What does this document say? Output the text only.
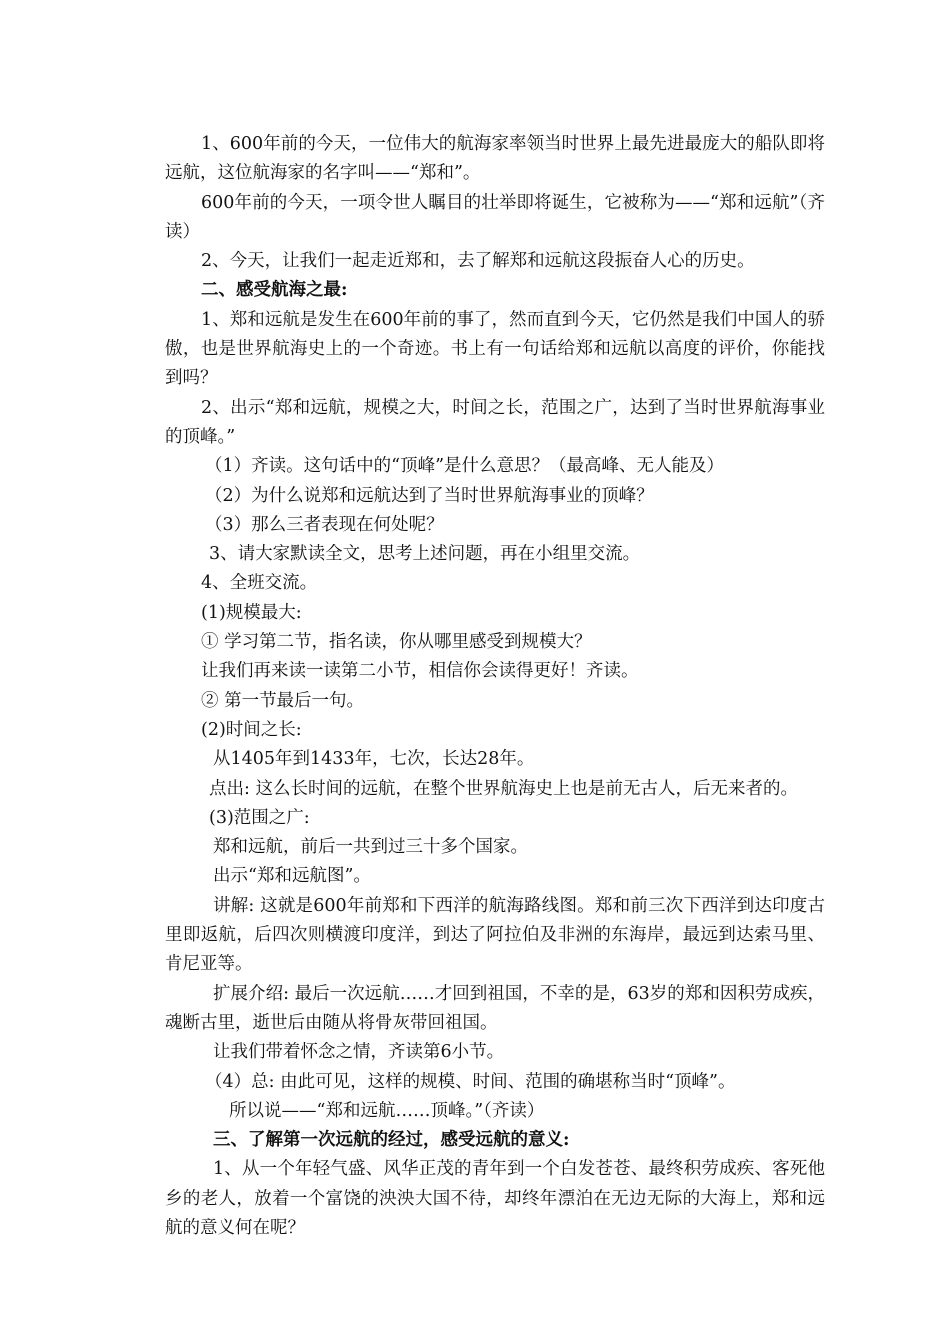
1、600年前的今天，一位伟大的航海家率领当时世界上最先进最庞大的船队即将远航，这位航海家的名字叫——“郑和”。

600年前的今天，一项令世人瞩目的壮举即将诞生，它被称为——“郑和远航”（齐读）

2、今天，让我们一起走近郑和，去了解郑和远航这段振奋人心的历史。

二、感受航海之最:

1、郑和远航是发生在600年前的事了，然而直到今天，它仍然是我们中国人的骄傲，也是世界航海史上的一个奇迹。书上有一句话给郑和远航以高度的评价，你能找到吗？

2、出示“郑和远航，规模之大，时间之长，范围之广，达到了当时世界航海事业的顶峰。”

（1）齐读。这句话中的“顶峰”是什么意思？（最高峰、无人能及）

（2）为什么说郑和远航达到了当时世界航海事业的顶峰？

（3）那么三者表现在何处呢？

3、请大家默读全文，思考上述问题，再在小组里交流。

4、全班交流。

(1)规模最大:

① 学习第二节，指名读，你从哪里感受到规模大？

让我们再来读一读第二小节，相信你会读得更好！齐读。

② 第一节最后一句。

(2)时间之长:

从1405年到1433年，七次，长达28年。

点出: 这么长时间的远航，在整个世界航海史上也是前无古人，后无来者的。

(3)范围之广:

郑和远航，前后一共到过三十多个国家。

出示“郑和远航图”。

讲解: 这就是600年前郑和下西洋的航海路线图。郑和前三次下西洋到达印度古里即返航，后四次则横渡印度洋，到达了阿拉伯及非洲的东海岸，最远到达索马里、肯尼亚等。

扩展介绍: 最后一次远航……才回到祖国，不幸的是，63岁的郑和因积劳成疾，魂断古里，逝世后由随从将骨灰带回祖国。

让我们带着怀念之情，齐读第6小节。

（4）总: 由此可见，这样的规模、时间、范围的确堪称当时“顶峰”。

所以说——“郑和远航……顶峰。”（齐读）

三、了解第一次远航的经过，感受远航的意义:

1、从一个年轻气盛、风华正茂的青年到一个白发苍苍、最终积劳成疾、客死他乡的老人，放着一个富饶的泱泱大国不待，却终年漂泊在无边无际的大海上，郑和远航的意义何在呢？
